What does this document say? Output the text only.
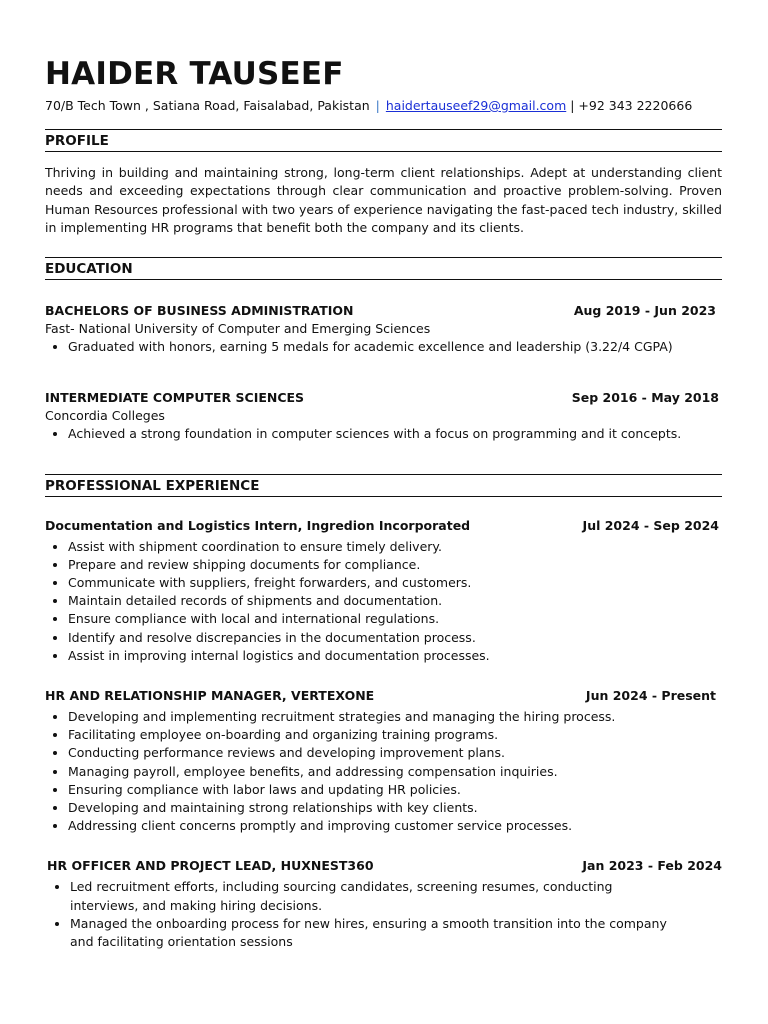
HAIDER TAUSEEF
70/B Tech Town , Satiana Road, Faisalabad, Pakistan | haidertauseef29@gmail.com | +92 343 2220666
PROFILE
Thriving in building and maintaining strong, long-term client relationships. Adept at understanding client needs and exceeding expectations through clear communication and proactive problem-solving. Proven Human Resources professional with two years of experience navigating the fast-paced tech industry, skilled in implementing HR programs that benefit both the company and its clients.
EDUCATION
BACHELORS OF BUSINESS ADMINISTRATION	Aug 2019 - Jun 2023
Fast- National University of Computer and Emerging Sciences
• Graduated with honors, earning 5 medals for academic excellence and leadership (3.22/4 CGPA)
INTERMEDIATE COMPUTER SCIENCES	Sep 2016 - May 2018
Concordia Colleges
• Achieved a strong foundation in computer sciences with a focus on programming and it concepts.
PROFESSIONAL EXPERIENCE
Documentation and Logistics Intern, Ingredion Incorporated	Jul 2024 - Sep 2024
• Assist with shipment coordination to ensure timely delivery.
• Prepare and review shipping documents for compliance.
• Communicate with suppliers, freight forwarders, and customers.
• Maintain detailed records of shipments and documentation.
• Ensure compliance with local and international regulations.
• Identify and resolve discrepancies in the documentation process.
• Assist in improving internal logistics and documentation processes.
HR AND RELATIONSHIP MANAGER, VERTEXONE	Jun 2024 - Present
• Developing and implementing recruitment strategies and managing the hiring process.
• Facilitating employee on-boarding and organizing training programs.
• Conducting performance reviews and developing improvement plans.
• Managing payroll, employee benefits, and addressing compensation inquiries.
• Ensuring compliance with labor laws and updating HR policies.
• Developing and maintaining strong relationships with key clients.
• Addressing client concerns promptly and improving customer service processes.
HR OFFICER AND PROJECT LEAD, HUXNEST360	Jan 2023 - Feb 2024
• Led recruitment efforts, including sourcing candidates, screening resumes, conducting interviews, and making hiring decisions.
• Managed the onboarding process for new hires, ensuring a smooth transition into the company and facilitating orientation sessions
